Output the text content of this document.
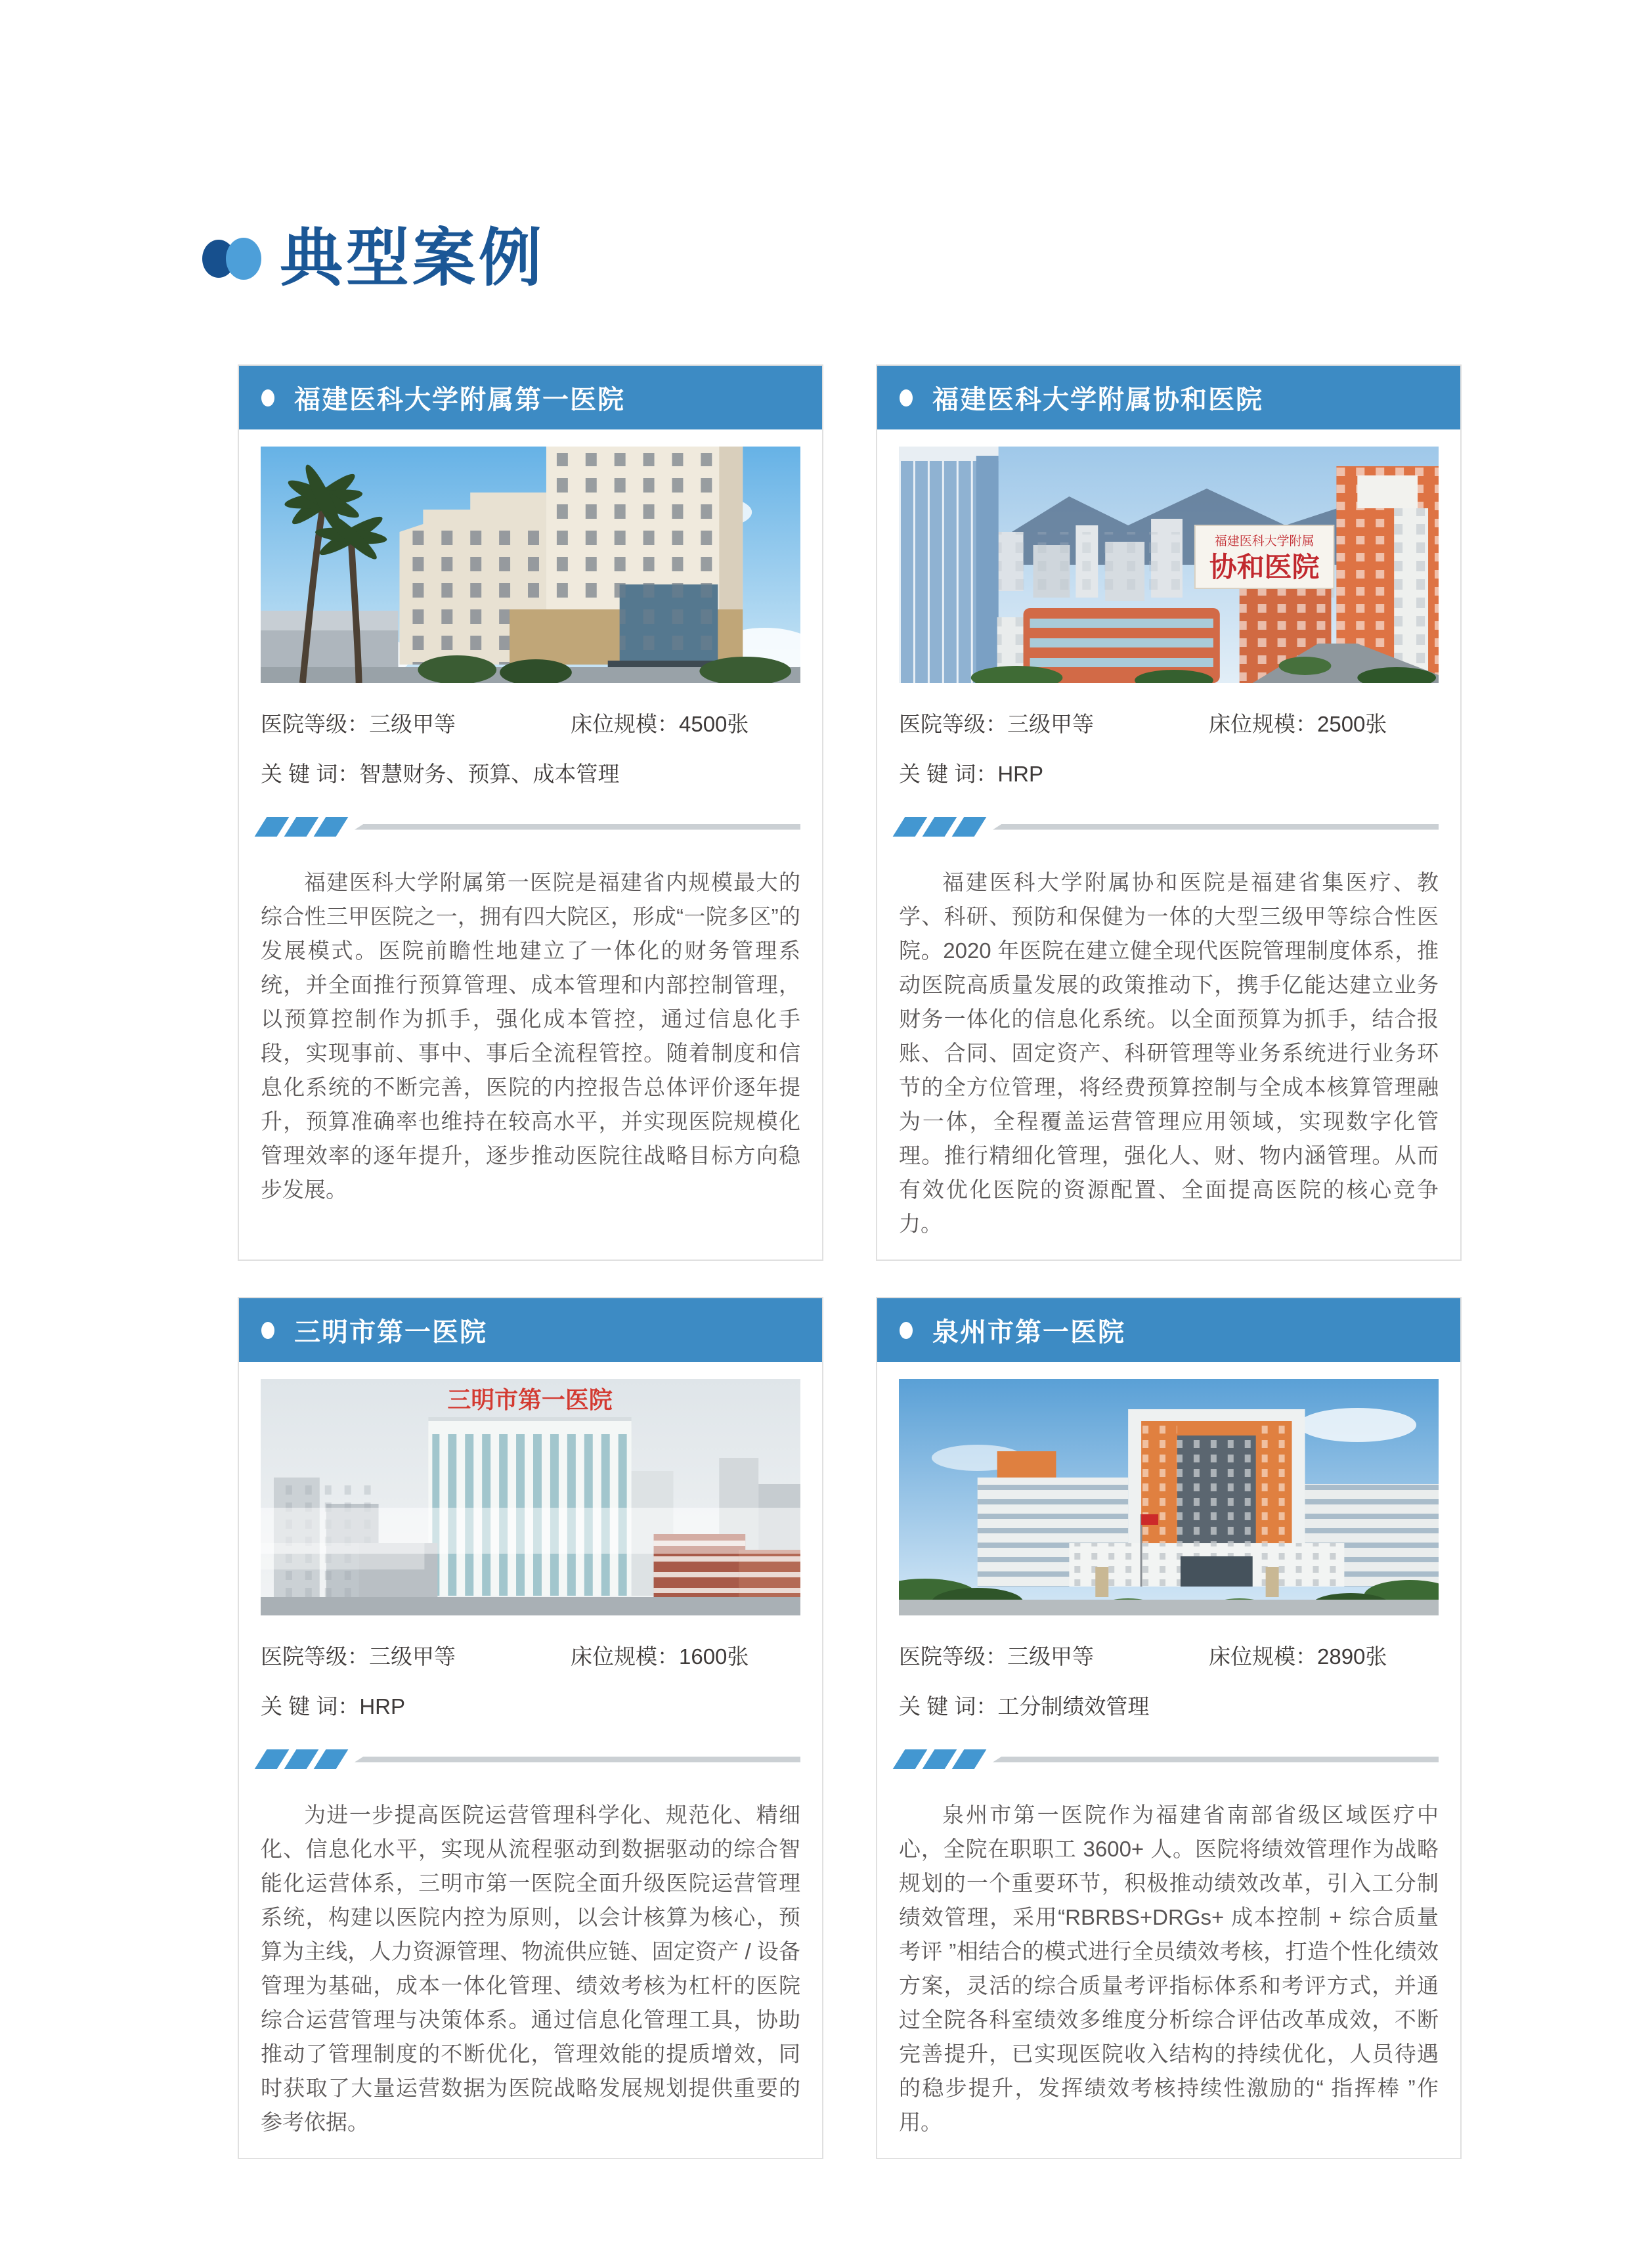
典型案例
福建医科大学附属第一医院
医院等级：三级甲等	床位规模：4500张
关 键 词：智慧财务、预算、成本管理

福建医科大学附属第一医院是福建省内规模最大的综合性三甲医院之一，拥有四大院区，形成“一院多区”的发展模式。医院前瞻性地建立了一体化的财务管理系统，并全面推行预算管理、成本管理和内部控制管理，以预算控制作为抓手，强化成本管控，通过信息化手段，实现事前、事中、事后全流程管控。随着制度和信息化系统的不断完善，医院的内控报告总体评价逐年提升，预算准确率也维持在较高水平，并实现医院规模化管理效率的逐年提升，逐步推动医院往战略目标方向稳步发展。

福建医科大学附属协和医院
福建医科大学附属
协和医院
医院等级：三级甲等	床位规模：2500张
关 键 词：HRP

福建医科大学附属协和医院是福建省集医疗、教学、科研、预防和保健为一体的大型三级甲等综合性医院。2020 年医院在建立健全现代医院管理制度体系，推动医院高质量发展的政策推动下，携手亿能达建立业务财务一体化的信息化系统。以全面预算为抓手，结合报账、合同、固定资产、科研管理等业务系统进行业务环节的全方位管理，将经费预算控制与全成本核算管理融为一体，全程覆盖运营管理应用领域，实现数字化管理。推行精细化管理，强化人、财、物内涵管理。从而有效优化医院的资源配置、全面提高医院的核心竞争力。

三明市第一医院
三明市第一医院
医院等级：三级甲等	床位规模：1600张
关 键 词：HRP

为进一步提高医院运营管理科学化、规范化、精细化、信息化水平，实现从流程驱动到数据驱动的综合智能化运营体系，三明市第一医院全面升级医院运营管理系统，构建以医院内控为原则，以会计核算为核心，预算为主线，人力资源管理、物流供应链、固定资产 / 设备管理为基础，成本一体化管理、绩效考核为杠杆的医院综合运营管理与决策体系。通过信息化管理工具，协助推动了管理制度的不断优化，管理效能的提质增效，同时获取了大量运营数据为医院战略发展规划提供重要的参考依据。

泉州市第一医院
医院等级：三级甲等	床位规模：2890张
关 键 词：工分制绩效管理

泉州市第一医院作为福建省南部省级区域医疗中心，全院在职职工 3600+ 人。医院将绩效管理作为战略规划的一个重要环节，积极推动绩效改革，引入工分制绩效管理，采用“RBRBS+DRGs+ 成本控制 + 综合质量考评 ”相结合的模式进行全员绩效考核，打造个性化绩效方案，灵活的综合质量考评指标体系和考评方式，并通过全院各科室绩效多维度分析综合评估改革成效，不断完善提升，已实现医院收入结构的持续优化，人员待遇的稳步提升，发挥绩效考核持续性激励的“ 指挥棒 ”作用。
